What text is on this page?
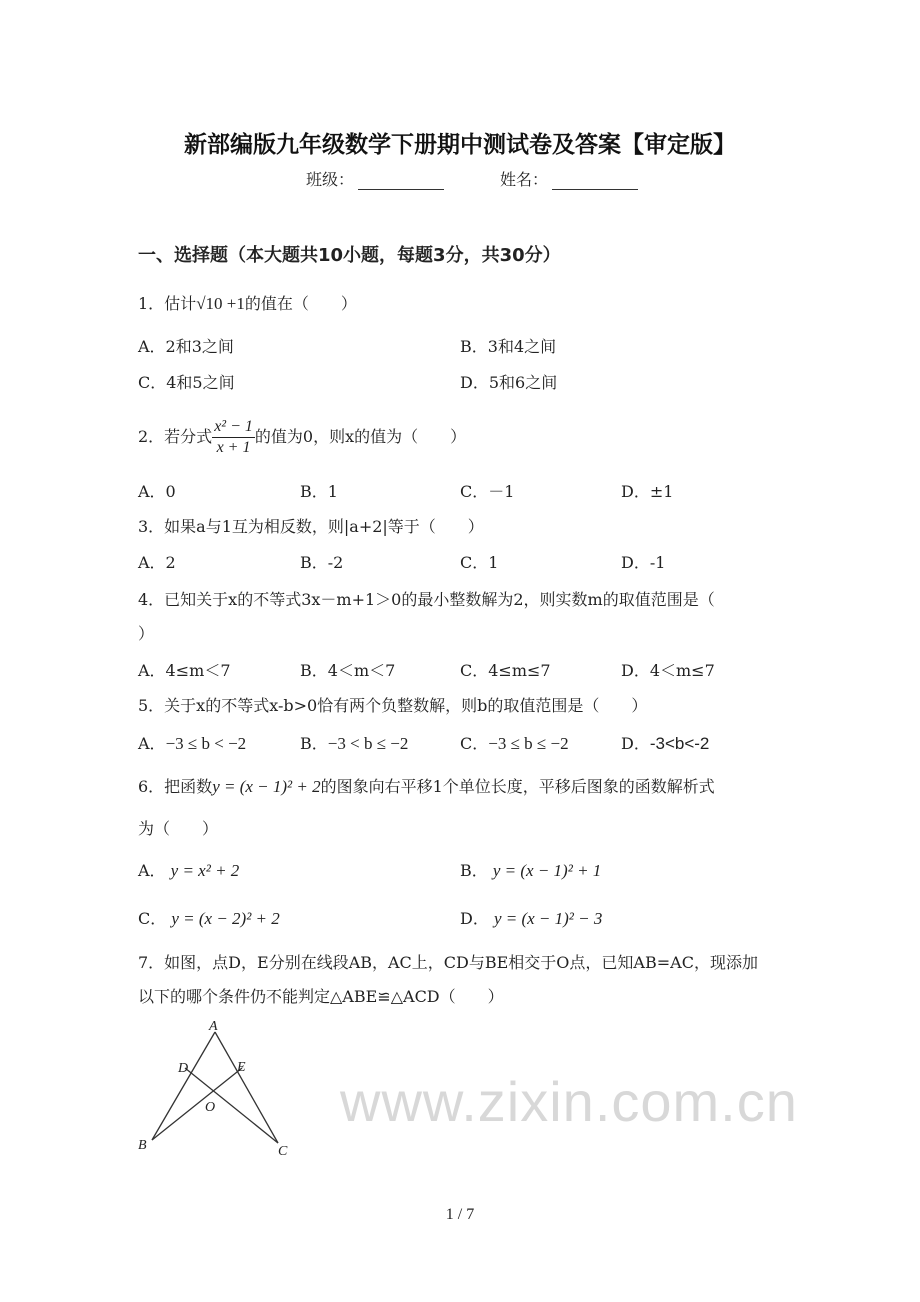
www.zixin.com.cn
新部编版九年级数学下册期中测试卷及答案【审定版】
班级：	姓名：
一、选择题（本大题共10小题，每题3分，共30分）
1．估计√10 +1的值在（　　）
A．2和3之间	B．3和4之间
C．4和5之间	D．5和6之间
2．若分式 $\frac{\text{x² − 1}}{x + 1}$ 的值为0，则x的值为（　　）
A．0	B．1	C．－1	D．±1
3．如果a与1互为相反数，则|a+2|等于（　　）
A．2	B．-2	C．1	D．-1
4．已知关于x的不等式3x－m+1＞0的最小整数解为2，则实数m的取值范围是（
）
A．4≤m＜7	B．4＜m＜7	C．4≤m≤7	D．4＜m≤7
5．关于x的不等式x-b>0恰有两个负整数解，则b的取值范围是（　　）
A．−3 ≤ b < −2	B．−3 < b ≤ −2	C．−3 ≤ b ≤ −2	D．-3<b<-2
6．把函数y = (x − 1)² + 2的图象向右平移1个单位长度，平移后图象的函数解析式
为（　　）
A． y = x² + 2	B． y = (x − 1)² + 1
C． y = (x − 2)² + 2	D． y = (x − 1)² − 3
7．如图，点D，E分别在线段AB，AC上，CD与BE相交于O点，已知AB=AC，现添加
以下的哪个条件仍不能判定△ABE≌△ACD（　　）
A
D	E
O
B	C
1 / 7
